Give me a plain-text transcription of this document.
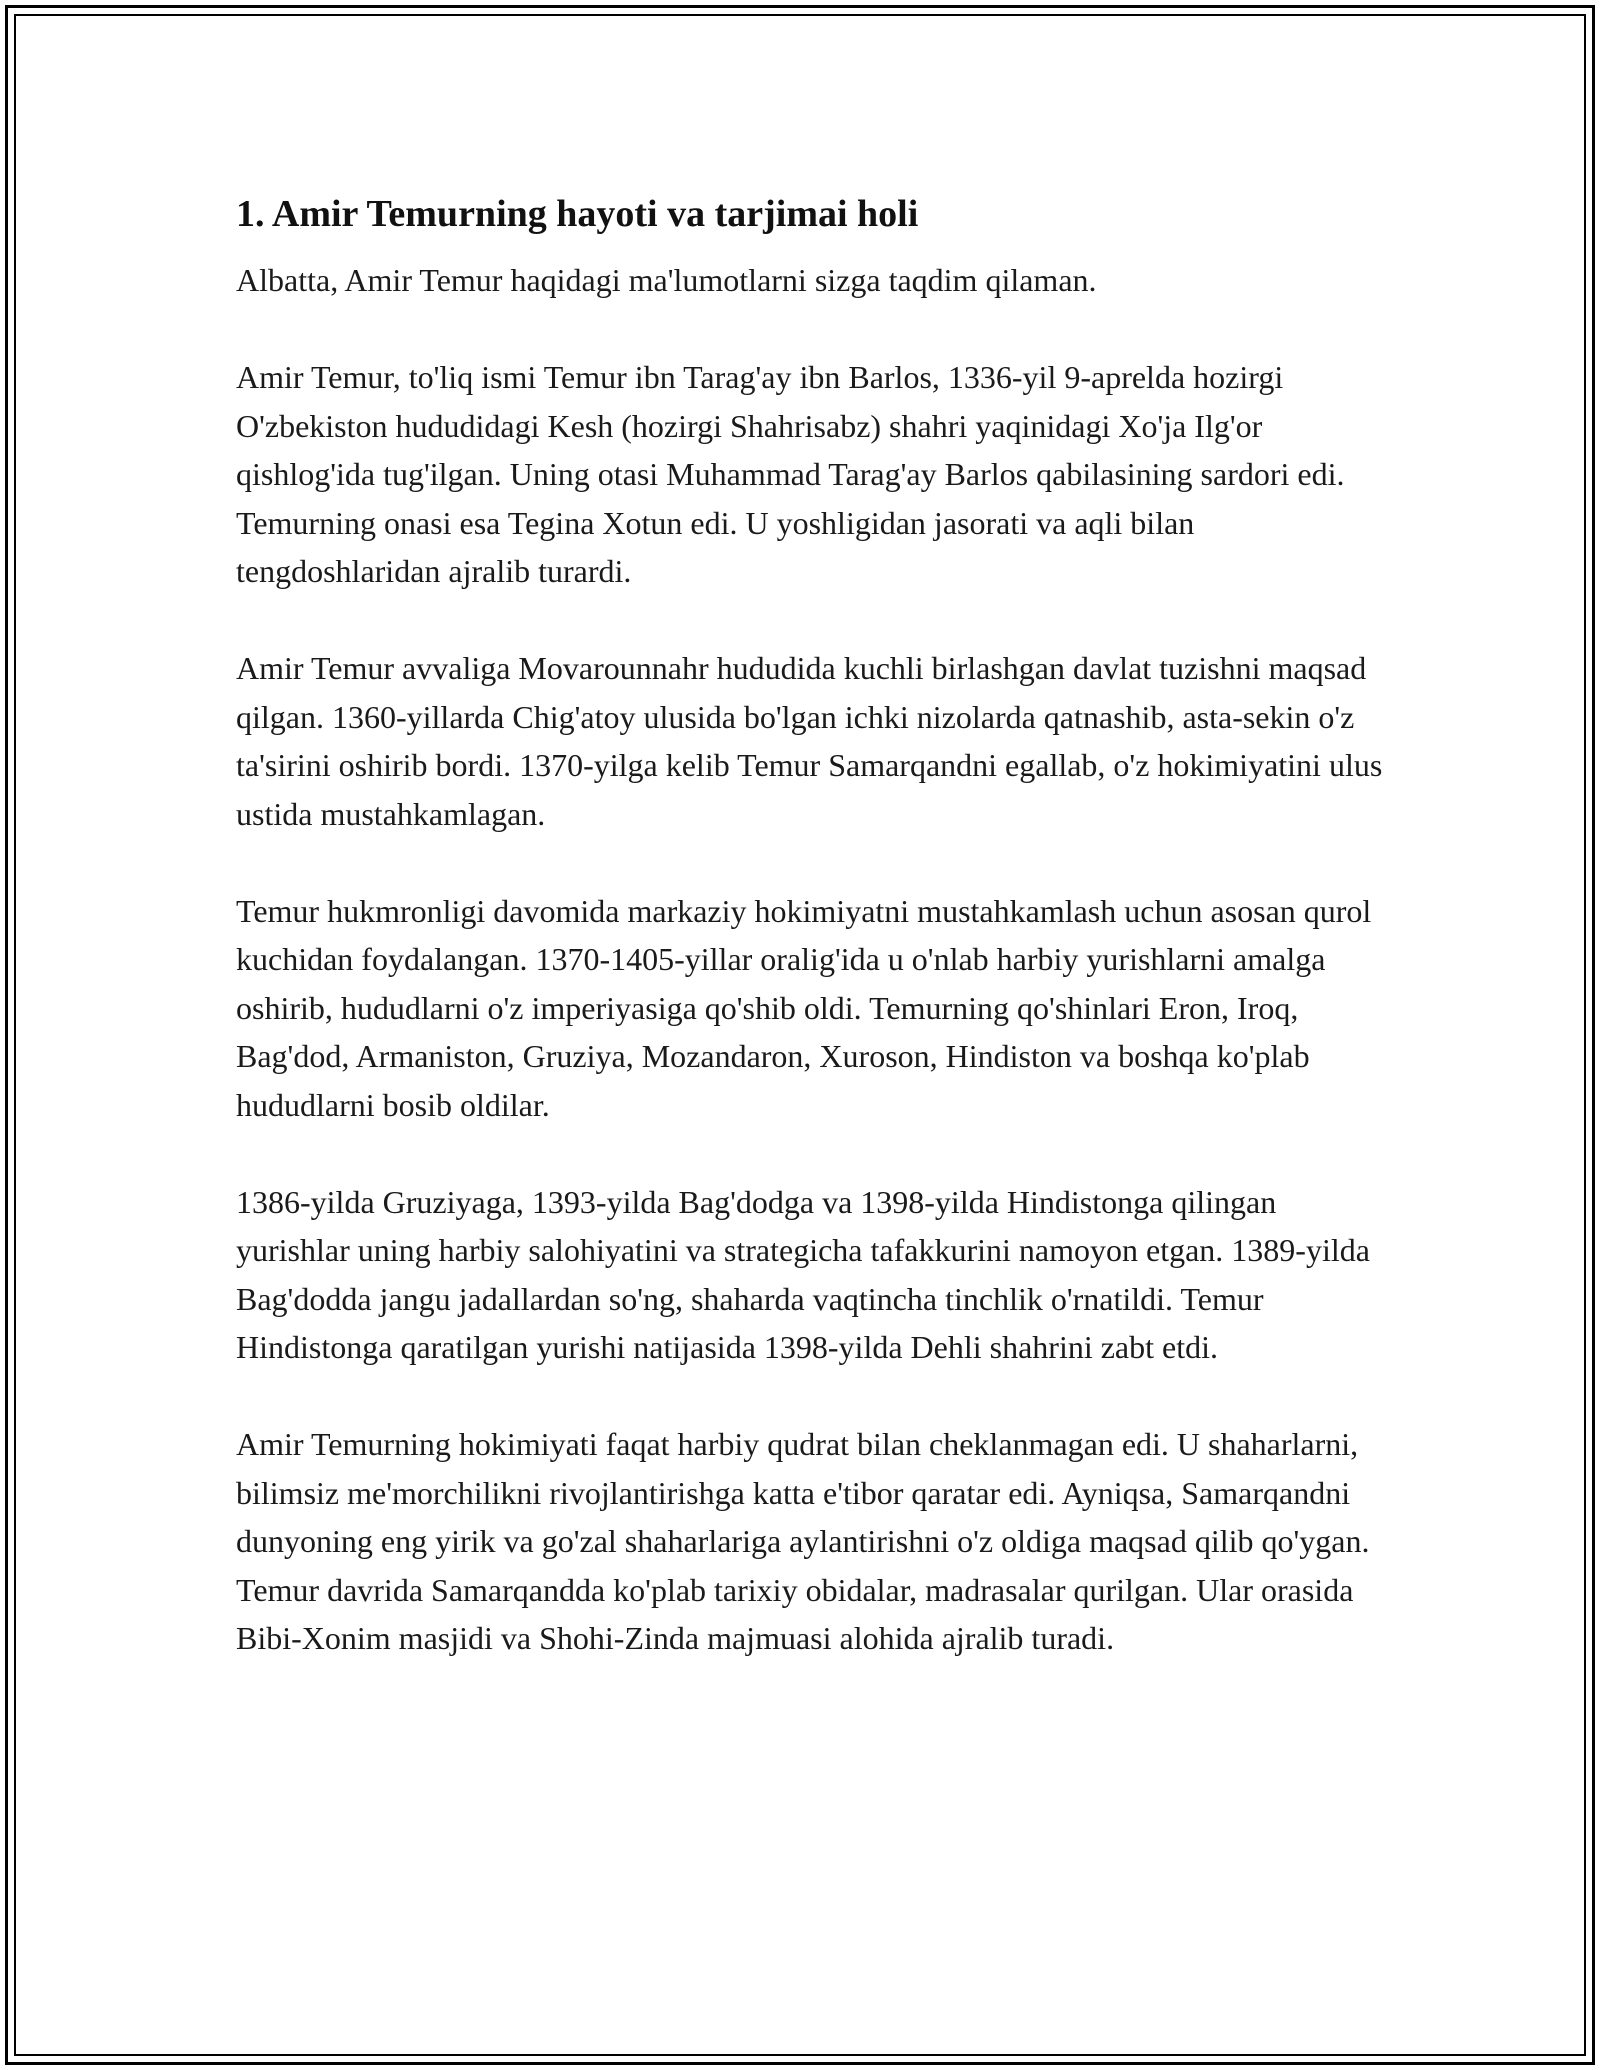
1. Amir Temurning hayoti va tarjimai holi

Albatta, Amir Temur haqidagi ma'lumotlarni sizga taqdim qilaman.

Amir Temur, to'liq ismi Temur ibn Tarag'ay ibn Barlos, 1336-yil 9-aprelda hozirgi O'zbekiston hududidagi Kesh (hozirgi Shahrisabz) shahri yaqinidagi Xo'ja Ilg'or qishlog'ida tug'ilgan. Uning otasi Muhammad Tarag'ay Barlos qabilasining sardori edi. Temurning onasi esa Tegina Xotun edi. U yoshligidan jasorati va aqli bilan tengdoshlaridan ajralib turardi.

Amir Temur avvaliga Movarounnahr hududida kuchli birlashgan davlat tuzishni maqsad qilgan. 1360-yillarda Chig'atoy ulusida bo'lgan ichki nizolarda qatnashib, asta-sekin o'z ta'sirini oshirib bordi. 1370-yilga kelib Temur Samarqandni egallab, o'z hokimiyatini ulus ustida mustahkamlagan.

Temur hukmronligi davomida markaziy hokimiyatni mustahkamlash uchun asosan qurol kuchidan foydalangan. 1370-1405-yillar oralig'ida u o'nlab harbiy yurishlarni amalga oshirib, hududlarni o'z imperiyasiga qo'shib oldi. Temurning qo'shinlari Eron, Iroq, Bag'dod, Armaniston, Gruziya, Mozandaron, Xuroson, Hindiston va boshqa ko'plab hududlarni bosib oldilar.

1386-yilda Gruziyaga, 1393-yilda Bag'dodga va 1398-yilda Hindistonga qilingan yurishlar uning harbiy salohiyatini va strategicha tafakkurini namoyon etgan. 1389-yilda Bag'dodda jangu jadallardan so'ng, shaharda vaqtincha tinchlik o'rnatildi. Temur Hindistonga qaratilgan yurishi natijasida 1398-yilda Dehli shahrini zabt etdi.

Amir Temurning hokimiyati faqat harbiy qudrat bilan cheklanmagan edi. U shaharlarni, bilimsiz me'morchilikni rivojlantirishga katta e'tibor qaratar edi. Ayniqsa, Samarqandni dunyoning eng yirik va go'zal shaharlariga aylantirishni o'z oldiga maqsad qilib qo'ygan. Temur davrida Samarqandda ko'plab tarixiy obidalar, madrasalar qurilgan. Ular orasida Bibi-Xonim masjidi va Shohi-Zinda majmuasi alohida ajralib turadi.
